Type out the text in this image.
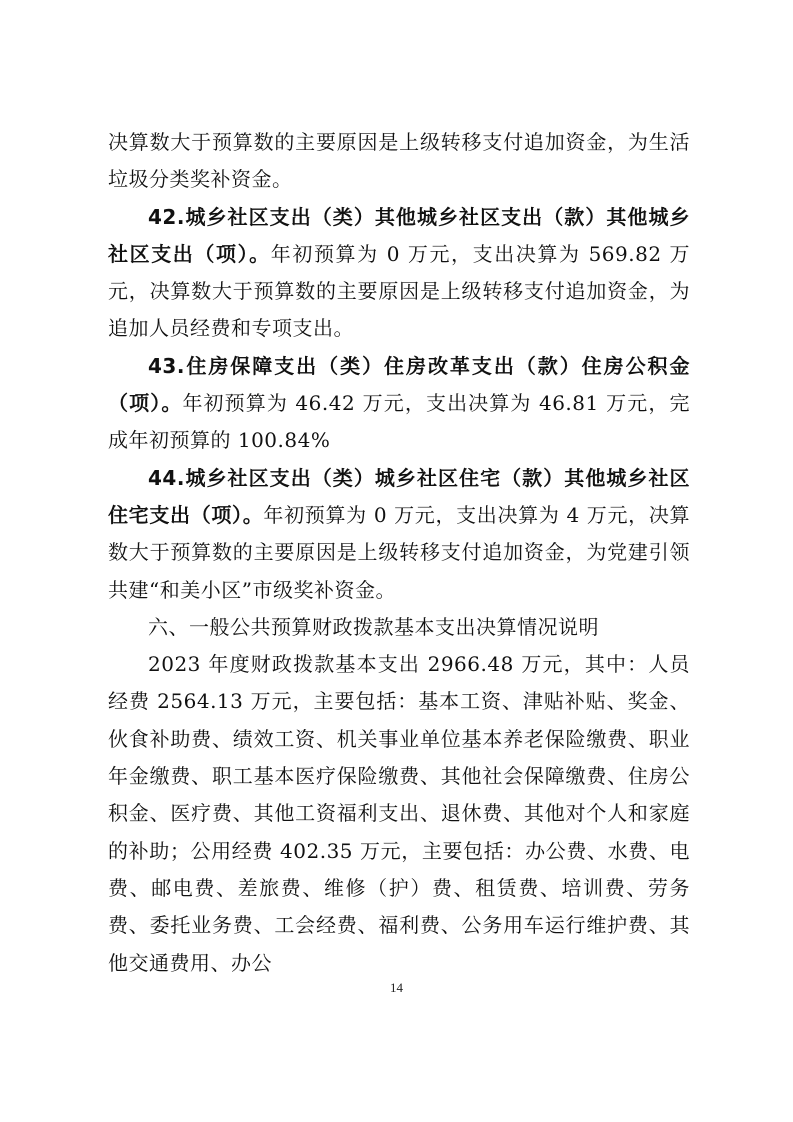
决算数大于预算数的主要原因是上级转移支付追加资金，为生活垃圾分类奖补资金。

42.城乡社区支出（类）其他城乡社区支出（款）其他城乡社区支出（项）。年初预算为 0 万元，支出决算为 569.82 万元，决算数大于预算数的主要原因是上级转移支付追加资金，为追加人员经费和专项支出。

43.住房保障支出（类）住房改革支出（款）住房公积金（项）。年初预算为 46.42 万元，支出决算为 46.81 万元，完成年初预算的 100.84%

44.城乡社区支出（类）城乡社区住宅（款）其他城乡社区住宅支出（项）。年初预算为 0 万元，支出决算为 4 万元，决算数大于预算数的主要原因是上级转移支付追加资金，为党建引领共建“和美小区”市级奖补资金。

六、一般公共预算财政拨款基本支出决算情况说明

2023 年度财政拨款基本支出 2966.48 万元，其中：人员经费 2564.13 万元，主要包括：基本工资、津贴补贴、奖金、伙食补助费、绩效工资、机关事业单位基本养老保险缴费、职业年金缴费、职工基本医疗保险缴费、其他社会保障缴费、住房公积金、医疗费、其他工资福利支出、退休费、其他对个人和家庭的补助；公用经费 402.35 万元，主要包括：办公费、水费、电费、邮电费、差旅费、维修（护）费、租赁费、培训费、劳务费、委托业务费、工会经费、福利费、公务用车运行维护费、其他交通费用、办公

14
